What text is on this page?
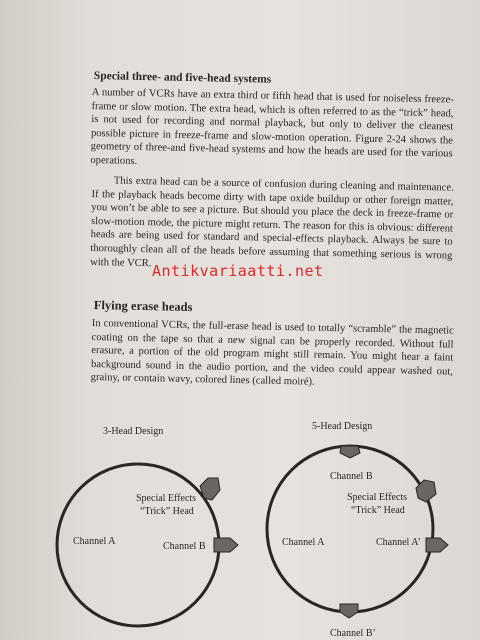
Special three- and five-head systems

A number of VCRs have an extra third or fifth head that is used for noiseless freeze-frame or slow motion. The extra head, which is often referred to as the “trick” head, is not used for recording and normal playback, but only to deliver the cleanest possible picture in freeze-frame and slow-motion operation. Figure 2-24 shows the geometry of three-and five-head systems and how the heads are used for the various operations.

This extra head can be a source of confusion during cleaning and maintenance. If the playback heads become dirty with tape oxide buildup or other foreign matter, you won’t be able to see a picture. But should you place the deck in freeze-frame or slow-motion mode, the picture might return. The reason for this is obvious: different heads are being used for standard and special-effects playback. Always be sure to thoroughly clean all of the heads before assuming that something serious is wrong with the VCR. Antikvariaatti.net
Flying erase heads

In conventional VCRs, the full-erase head is used to totally “scramble” the magnetic coating on the tape so that a new signal can be properly recorded. Without full erasure, a portion of the old program might still remain. You might hear a faint background sound in the audio portion, and the video could appear washed out, grainy, or contain wavy, colored lines (called moiré).

3-Head Design
Special Effects
“Trick” Head
Channel A	Channel B
5-Head Design
Channel B
Special Effects
“Trick” Head
Channel A	Channel A’
Channel B’
